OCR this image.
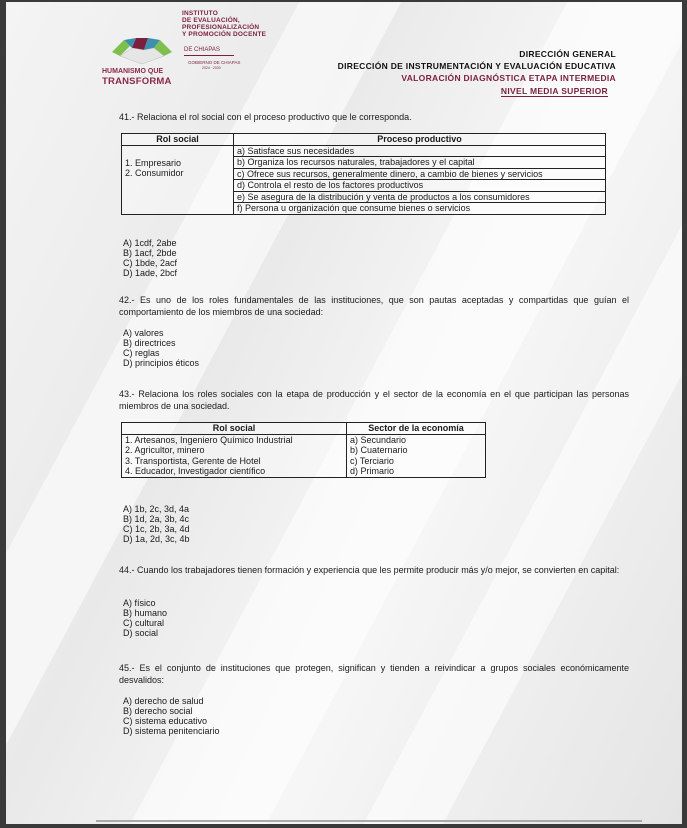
HUMANISMO QUE
TRANSFORMA
INSTITUTO
DE EVALUACIÓN,
PROFESIONALIZACIÓN
Y PROMOCIÓN DOCENTE
DE CHIAPAS
GOBIERNO DE CHIAPAS
2024 · 2030
DIRECCIÓN GENERAL
DIRECCIÓN DE INSTRUMENTACIÓN Y EVALUACIÓN EDUCATIVA
VALORACIÓN DIAGNÓSTICA ETAPA INTERMEDIA
NIVEL MEDIA SUPERIOR
41.- Relaciona el rol social con el proceso productivo que le corresponda.
Rol social	Proceso productivo

1. Empresario
2. Consumidor	a) Satisface sus necesidades
	b) Organiza los recursos naturales, trabajadores y el capital
	c) Ofrece sus recursos, generalmente dinero, a cambio de bienes y servicios
	d) Controla el resto de los factores productivos
	e) Se asegura de la distribución y venta de productos a los consumidores
	f) Persona u organización que consume bienes o servicios
A) 1cdf, 2abe
B) 1acf, 2bde
C) 1bde, 2acf
D) 1ade, 2bcf
42.- Es uno de los roles fundamentales de las instituciones, que son pautas aceptadas y compartidas que guían el comportamiento de los miembros de una sociedad:
A) valores
B) directrices
C) reglas
D) principios éticos
43.- Relaciona los roles sociales con la etapa de producción y el sector de la economía en el que participan las personas miembros de una sociedad.
Rol social	Sector de la economía
1. Artesanos, Ingeniero Químico Industrial	a) Secundario
2. Agricultor, minero	b) Cuaternario
3. Transportista, Gerente de Hotel	c) Terciario
4. Educador, Investigador científico	d) Primario
A) 1b, 2c, 3d, 4a
B) 1d, 2a, 3b, 4c
C) 1c, 2b, 3a, 4d
D) 1a, 2d, 3c, 4b
44.- Cuando los trabajadores tienen formación y experiencia que les permite producir más y/o mejor, se convierten en capital:
A) físico
B) humano
C) cultural
D) social
45.- Es el conjunto de instituciones que protegen, significan y tienden a reivindicar a grupos sociales económicamente desvalidos:
A) derecho de salud
B) derecho social
C) sistema educativo
D) sistema penitenciario
